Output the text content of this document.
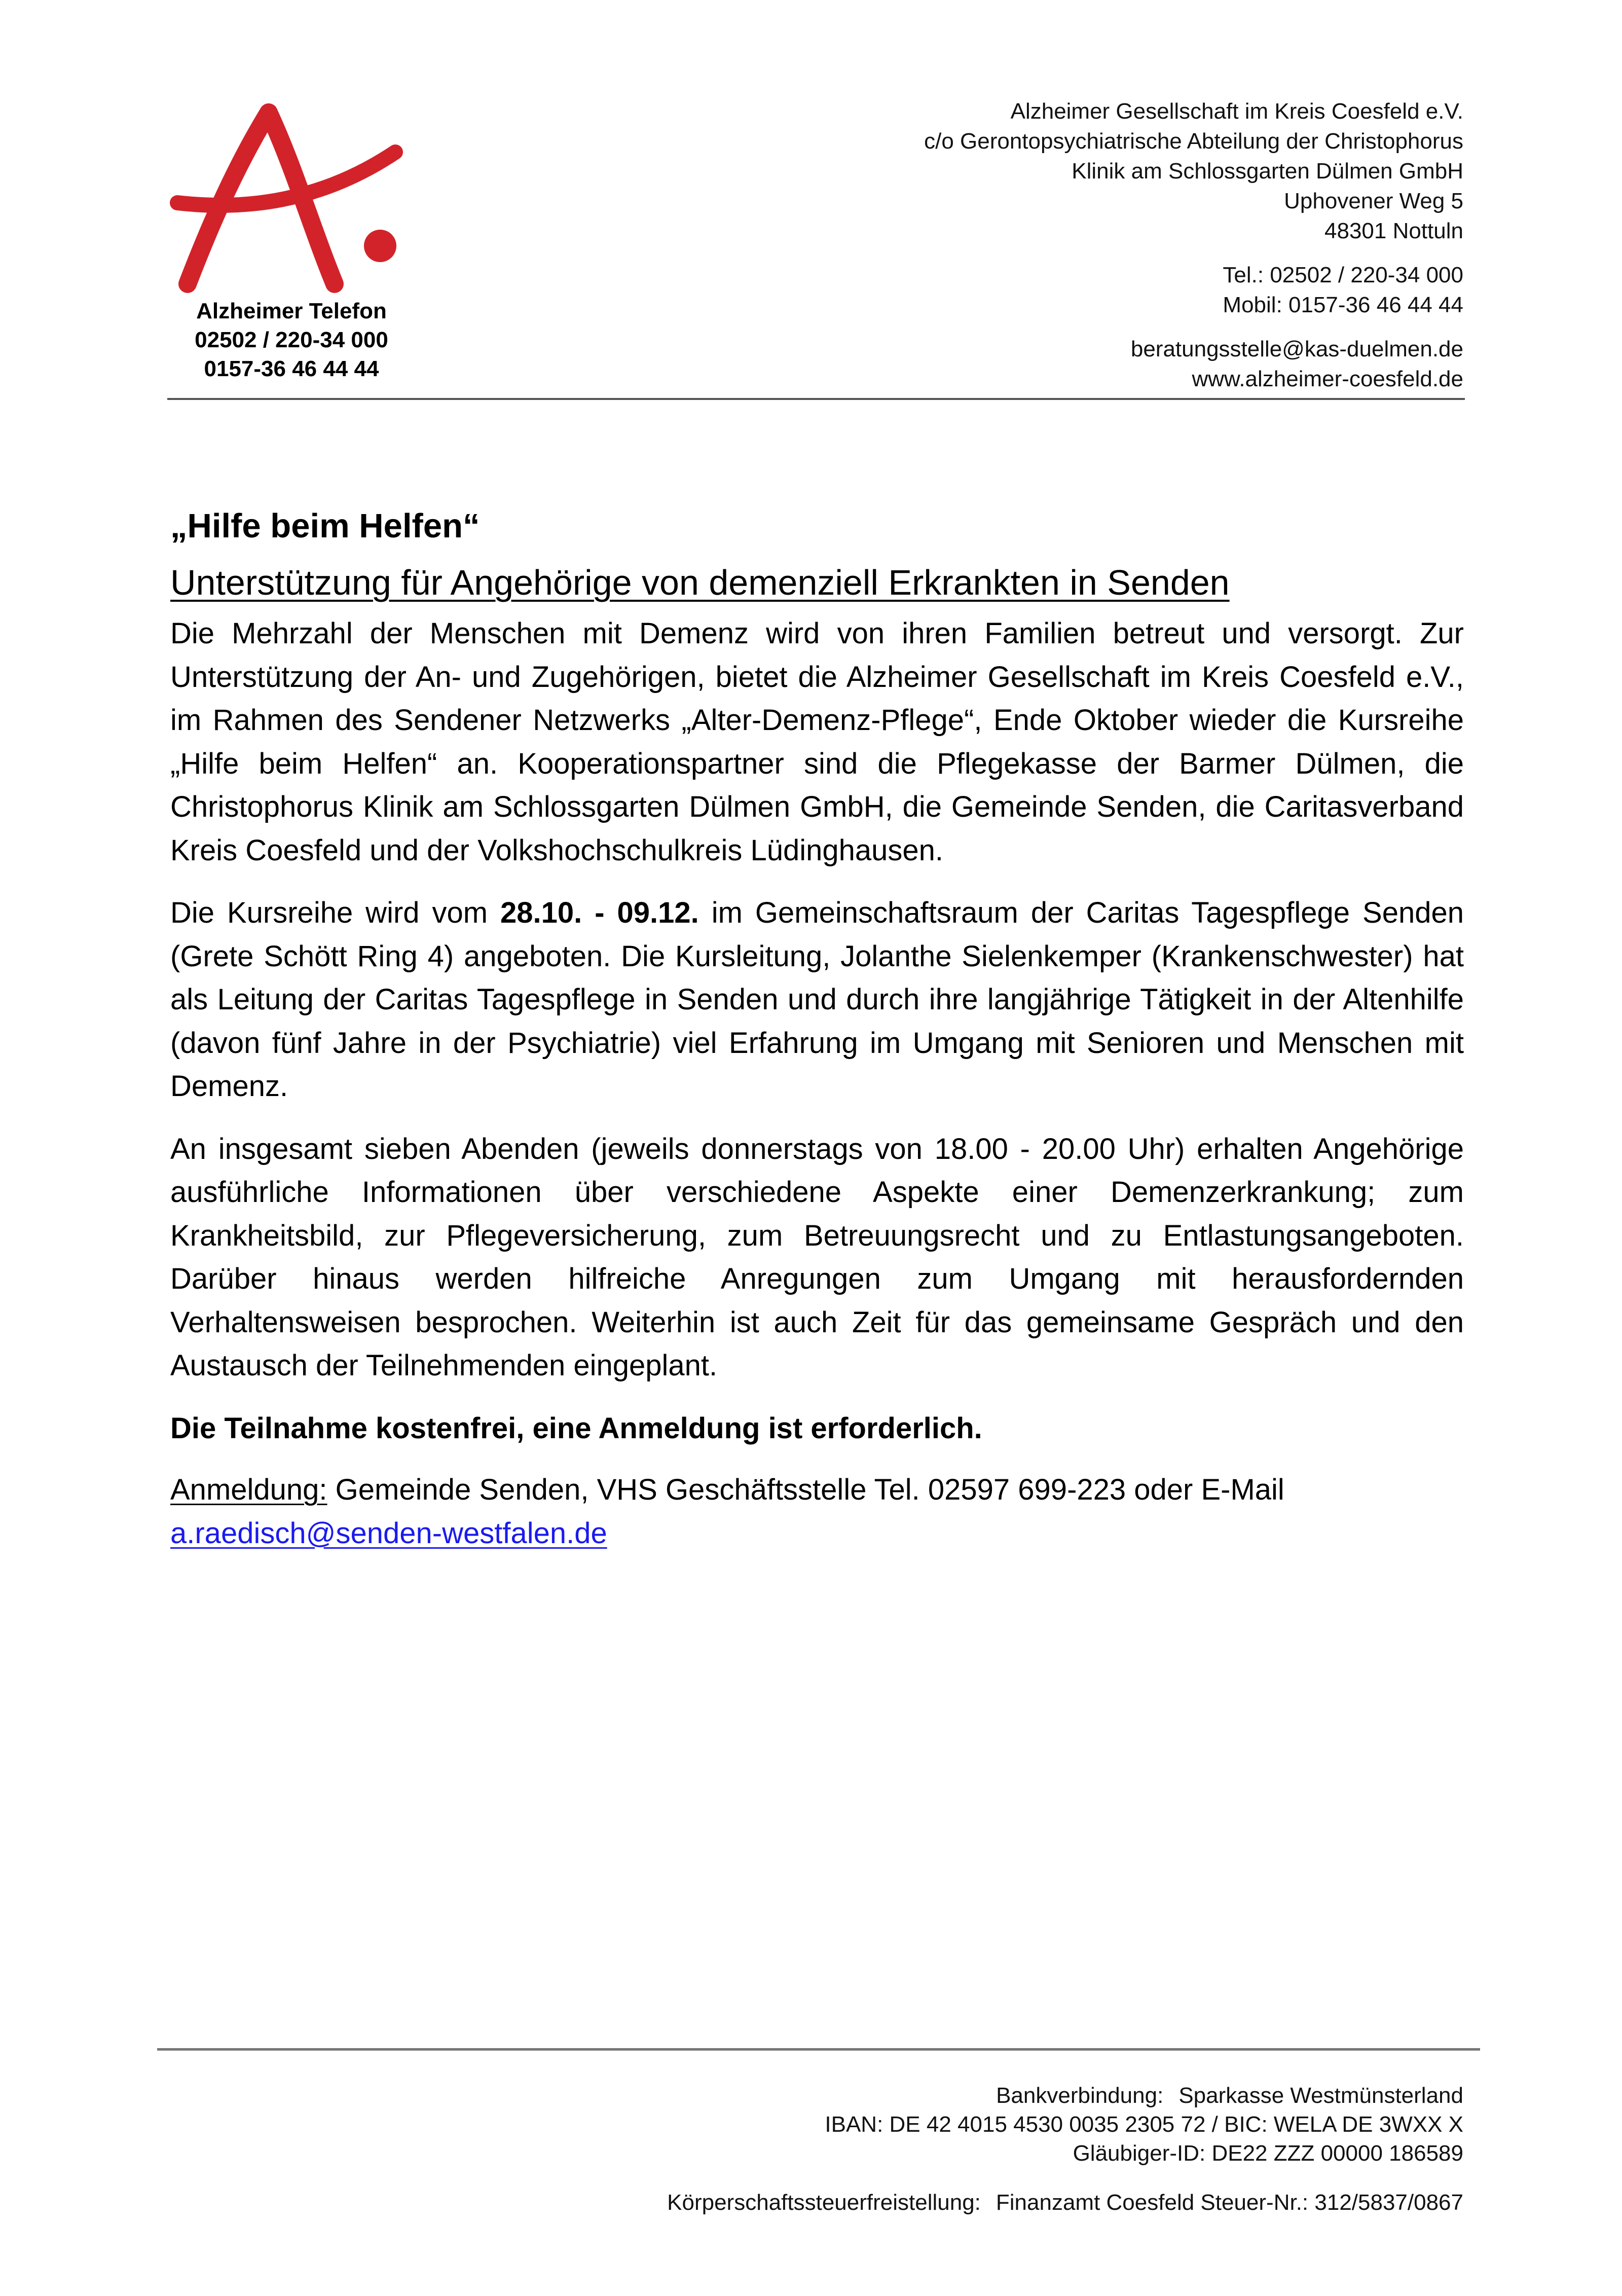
Alzheimer Telefon
02502 / 220-34 000
0157-36 46 44 44
Alzheimer Gesellschaft im Kreis Coesfeld e.V.
c/o Gerontopsychiatrische Abteilung der Christophorus
Klinik am Schlossgarten Dülmen GmbH
Uphovener Weg 5
48301 Nottuln
Tel.: 02502 / 220-34 000
Mobil: 0157-36 46 44 44
beratungsstelle@kas-duelmen.de
www.alzheimer-coesfeld.de
„Hilfe beim Helfen“
Unterstützung für Angehörige von demenziell Erkrankten in Senden

Die Mehrzahl der Menschen mit Demenz wird von ihren Familien betreut und versorgt. Zur Unterstützung der An- und Zugehörigen, bietet die Alzheimer Gesellschaft im Kreis Coesfeld e.V., im Rahmen des Sendener Netzwerks „Alter-Demenz-Pflege“, Ende Oktober wieder die Kursreihe „Hilfe beim Helfen“ an. Kooperationspartner sind die Pflegekasse der Barmer Dülmen, die Christophorus Klinik am Schlossgarten Dülmen GmbH, die Gemeinde Senden, die Caritasverband Kreis Coesfeld und der Volkshochschulkreis Lüdinghausen.

Die Kursreihe wird vom 28.10. - 09.12. im Gemeinschaftsraum der Caritas Tagespflege Senden (Grete Schött Ring 4) angeboten. Die Kursleitung, Jolanthe Sielenkemper (Krankenschwester) hat als Leitung der Caritas Tagespflege in Senden und durch ihre langjährige Tätigkeit in der Altenhilfe (davon fünf Jahre in der Psychiatrie) viel Erfahrung im Umgang mit Senioren und Menschen mit Demenz.

An insgesamt sieben Abenden (jeweils donnerstags von 18.00 - 20.00 Uhr) erhalten Angehörige ausführliche Informationen über verschiedene Aspekte einer Demenzerkrankung; zum Krankheitsbild, zur Pflegeversicherung, zum Betreuungsrecht und zu Entlastungsangeboten. Darüber hinaus werden hilfreiche Anregungen zum Umgang mit herausfordernden Verhaltensweisen besprochen. Weiterhin ist auch Zeit für das gemeinsame Gespräch und den Austausch der Teilnehmenden eingeplant.

Die Teilnahme kostenfrei, eine Anmeldung ist erforderlich.

Anmeldung: Gemeinde Senden, VHS Geschäftsstelle Tel. 02597 699-223 oder E-Mail
a.raedisch@senden-westfalen.de

Bankverbindung: Sparkasse Westmünsterland
IBAN: DE 42 4015 4530 0035 2305 72 / BIC: WELA DE 3WXX X
Gläubiger-ID: DE22 ZZZ 00000 186589
Körperschaftssteuerfreistellung: Finanzamt Coesfeld Steuer-Nr.: 312/5837/0867
